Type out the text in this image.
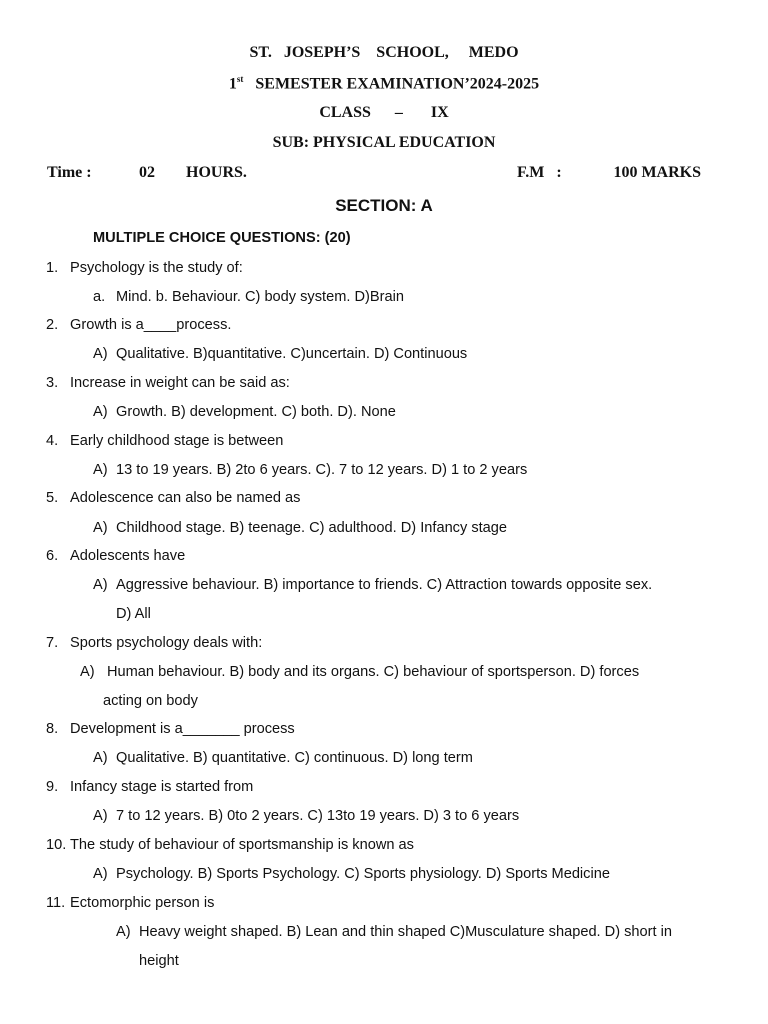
ST.   JOSEPH’S    SCHOOL,     MEDO
1st   SEMESTER EXAMINATION’2024-2025
CLASS      –       IX
SUB: PHYSICAL EDUCATION
Time :	02 HOURS.	F.M   :	100 MARKS
SECTION: A
MULTIPLE CHOICE QUESTIONS: (20)
1. Psychology is the study of:
a. Mind. b. Behaviour. C) body system. D)Brain
2. Growth is a____process.
A) Qualitative. B)quantitative. C)uncertain. D) Continuous
3. Increase in weight can be said as:
A) Growth. B) development. C) both. D). None
4. Early childhood stage is between
A) 13 to 19 years. B) 2to 6 years. C). 7 to 12 years. D) 1 to 2 years
5. Adolescence can also be named as
A) Childhood stage. B) teenage. C) adulthood. D) Infancy stage
6. Adolescents have
A) Aggressive behaviour. B) importance to friends. C) Attraction towards opposite sex.
D) All
7. Sports psychology deals with:
A) Human behaviour. B) body and its organs. C) behaviour of sportsperson. D) forces
acting on body
8. Development is a_______ process
A) Qualitative. B) quantitative. C) continuous. D) long term
9. Infancy stage is started from
A) 7 to 12 years. B) 0to 2 years. C) 13to 19 years. D) 3 to 6 years
10. The study of behaviour of sportsmanship is known as
A) Psychology. B) Sports Psychology. C) Sports physiology. D) Sports Medicine
11. Ectomorphic person is
A) Heavy weight shaped. B) Lean and thin shaped C)Musculature shaped. D) short in
height
